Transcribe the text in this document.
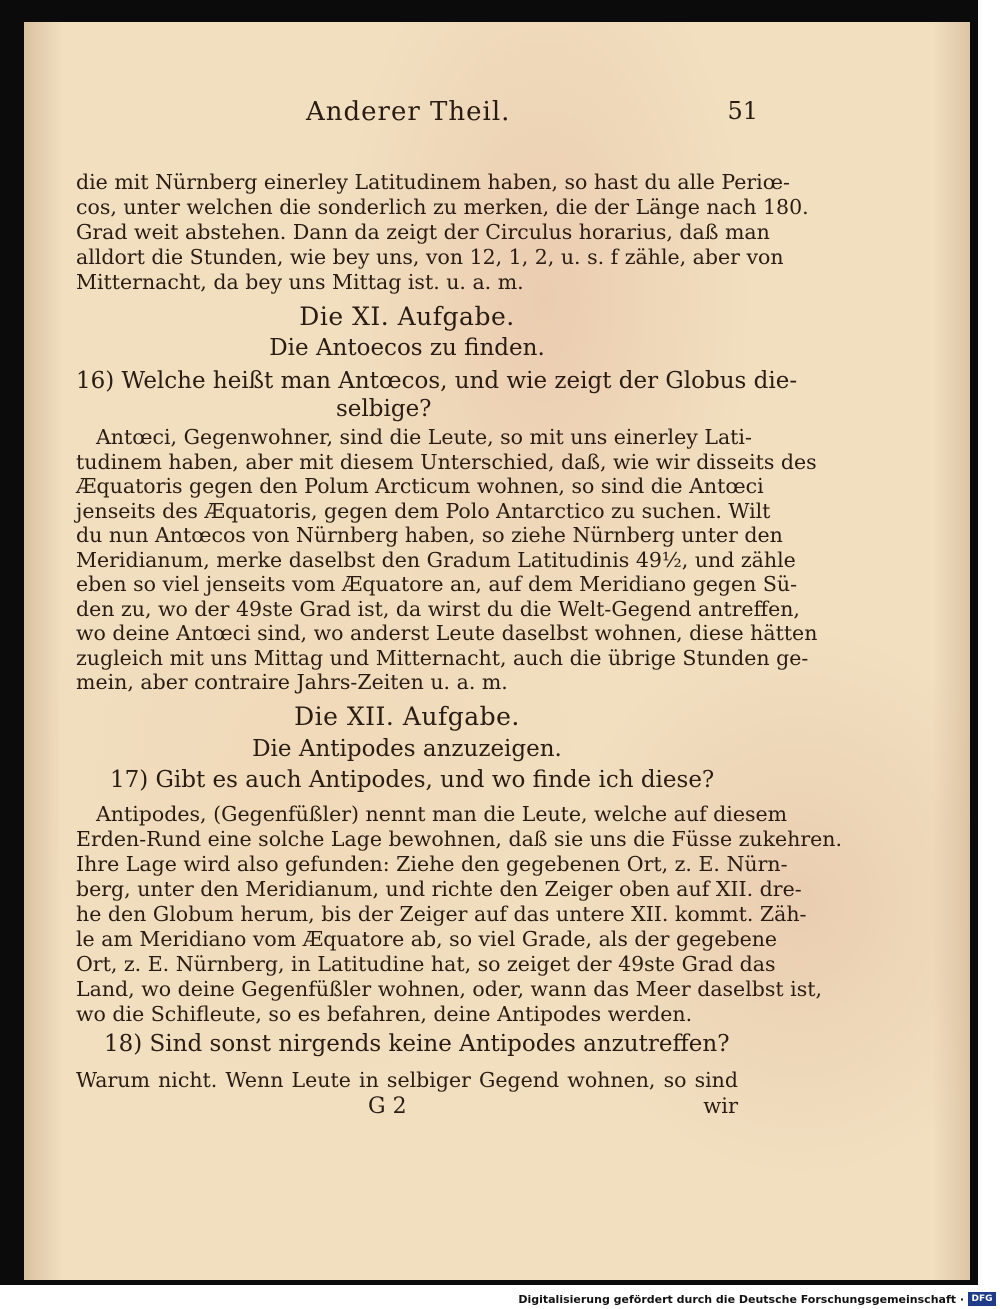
Anderer Theil.	51
die mit Nürnberg einerley Latitudinem haben, so hast du alle Periœ-
cos, unter welchen die sonderlich zu merken, die der Länge nach 180.
Grad weit abstehen. Dann da zeigt der Circulus horarius, daß man
alldort die Stunden, wie bey uns, von 12, 1, 2, u. s. f zähle, aber von
Mitternacht, da bey uns Mittag ist. u. a. m.
Die XI. Aufgabe.
Die Antoecos zu finden.
16) Welche heißt man Antœcos, und wie zeigt der Globus die-
selbige?
Antœci, Gegenwohner, sind die Leute, so mit uns einerley Lati-
tudinem haben, aber mit diesem Unterschied, daß, wie wir disseits des
Æquatoris gegen den Polum Arcticum wohnen, so sind die Antœci
jenseits des Æquatoris, gegen dem Polo Antarctico zu suchen. Wilt
du nun Antœcos von Nürnberg haben, so ziehe Nürnberg unter den
Meridianum, merke daselbst den Gradum Latitudinis 49½, und zähle
eben so viel jenseits vom Æquatore an, auf dem Meridiano gegen Sü-
den zu, wo der 49ste Grad ist, da wirst du die Welt-Gegend antreffen,
wo deine Antœci sind, wo anderst Leute daselbst wohnen, diese hätten
zugleich mit uns Mittag und Mitternacht, auch die übrige Stunden ge-
mein, aber contraire Jahrs-Zeiten u. a. m.
Die XII. Aufgabe.
Die Antipodes anzuzeigen.
17) Gibt es auch Antipodes, und wo finde ich diese?
Antipodes, (Gegenfüßler) nennt man die Leute, welche auf diesem
Erden-Rund eine solche Lage bewohnen, daß sie uns die Füsse zukehren.
Ihre Lage wird also gefunden: Ziehe den gegebenen Ort, z. E. Nürn-
berg, unter den Meridianum, und richte den Zeiger oben auf XII. dre-
he den Globum herum, bis der Zeiger auf das untere XII. kommt. Zäh-
le am Meridiano vom Æquatore ab, so viel Grade, als der gegebene
Ort, z. E. Nürnberg, in Latitudine hat, so zeiget der 49ste Grad das
Land, wo deine Gegenfüßler wohnen, oder, wann das Meer daselbst ist,
wo die Schifleute, so es befahren, deine Antipodes werden.
18) Sind sonst nirgends keine Antipodes anzutreffen?
Warum nicht. Wenn Leute in selbiger Gegend wohnen, so sind
G 2	wir
Digitalisierung gefördert durch die Deutsche Forschungsgemeinschaft · DFG
